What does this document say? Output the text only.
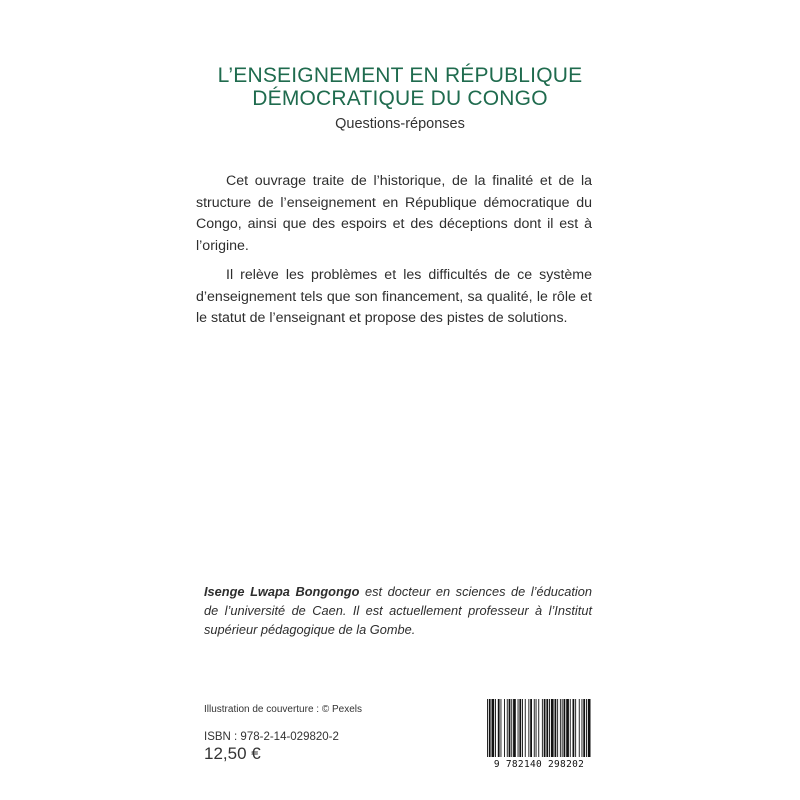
L’ENSEIGNEMENT EN RÉPUBLIQUE
DÉMOCRATIQUE DU CONGO
Questions-réponses

Cet ouvrage traite de l’historique, de la finalité et de la structure de l’enseignement en République démocratique du Congo, ainsi que des espoirs et des déceptions dont il est à l’origine.

Il relève les problèmes et les difficultés de ce système d’enseignement tels que son financement, sa qualité, le rôle et le statut de l’enseignant et propose des pistes de solutions.

Isenge Lwapa Bongongo est docteur en sciences de l’éducation de l’université de Caen. Il est actuellement professeur à l’Institut supérieur pédagogique de la Gombe.
Illustration de couverture : © Pexels
ISBN : 978-2-14-029820-2
12,50 €
9 782140 298202
